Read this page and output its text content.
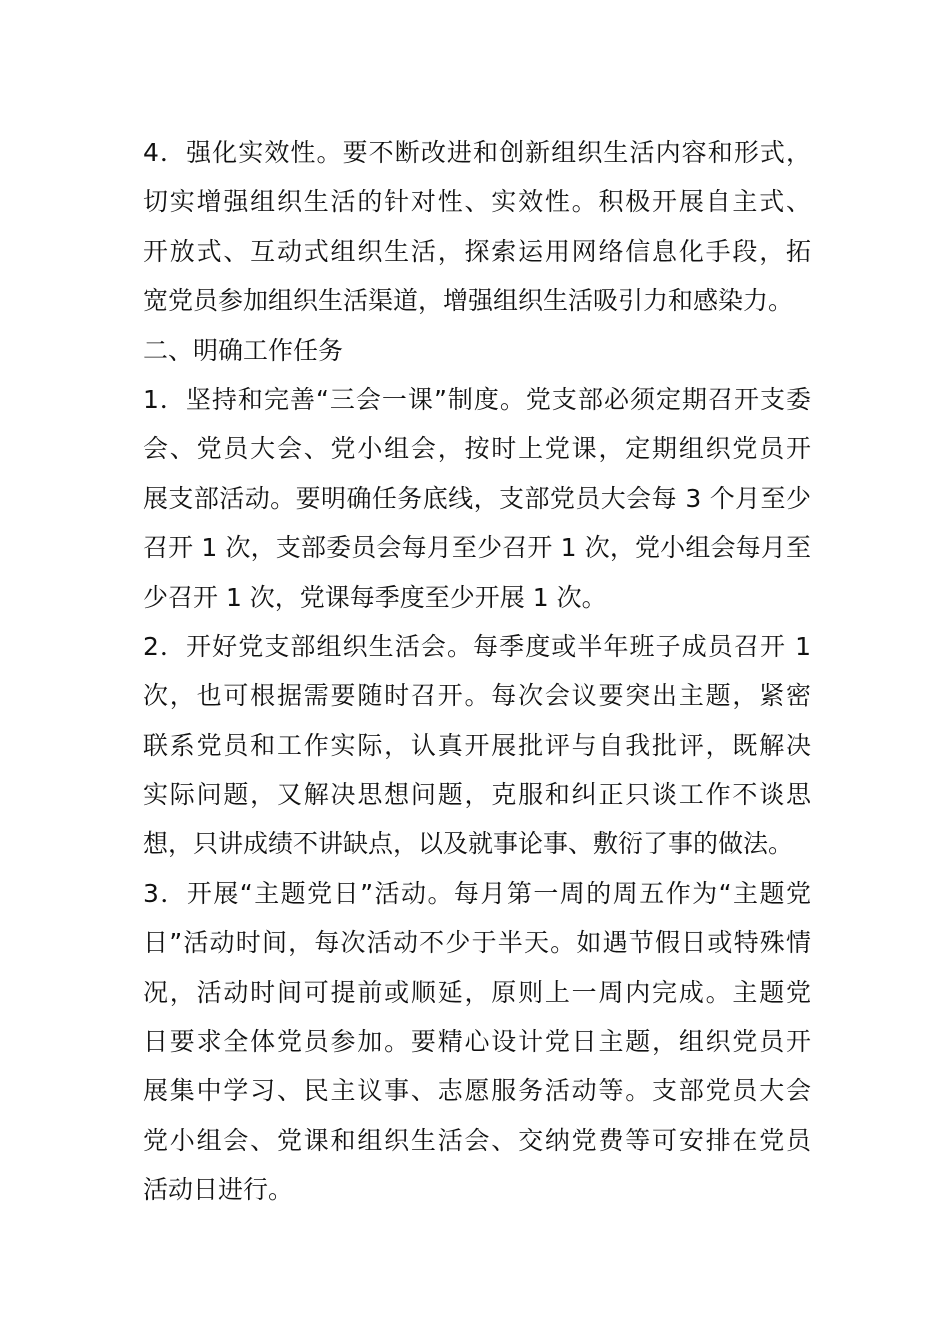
4．强化实效性。要不断改进和创新组织生活内容和形式，
切实增强组织生活的针对性、实效性。积极开展自主式、
开放式、互动式组织生活，探索运用网络信息化手段，拓
宽党员参加组织生活渠道，增强组织生活吸引力和感染力。
二、明确工作任务
1．坚持和完善“三会一课”制度。党支部必须定期召开支委
会、党员大会、党小组会，按时上党课，定期组织党员开
展支部活动。要明确任务底线，支部党员大会每 3 个月至少
召开 1 次，支部委员会每月至少召开 1 次，党小组会每月至
少召开 1 次，党课每季度至少开展 1 次。
2．开好党支部组织生活会。每季度或半年班子成员召开 1
次，也可根据需要随时召开。每次会议要突出主题，紧密
联系党员和工作实际，认真开展批评与自我批评，既解决
实际问题，又解决思想问题，克服和纠正只谈工作不谈思
想，只讲成绩不讲缺点，以及就事论事、敷衍了事的做法。
3．开展“主题党日”活动。每月第一周的周五作为“主题党
日”活动时间，每次活动不少于半天。如遇节假日或特殊情
况，活动时间可提前或顺延，原则上一周内完成。主题党
日要求全体党员参加。要精心设计党日主题，组织党员开
展集中学习、民主议事、志愿服务活动等。支部党员大会
党小组会、党课和组织生活会、交纳党费等可安排在党员
活动日进行。
